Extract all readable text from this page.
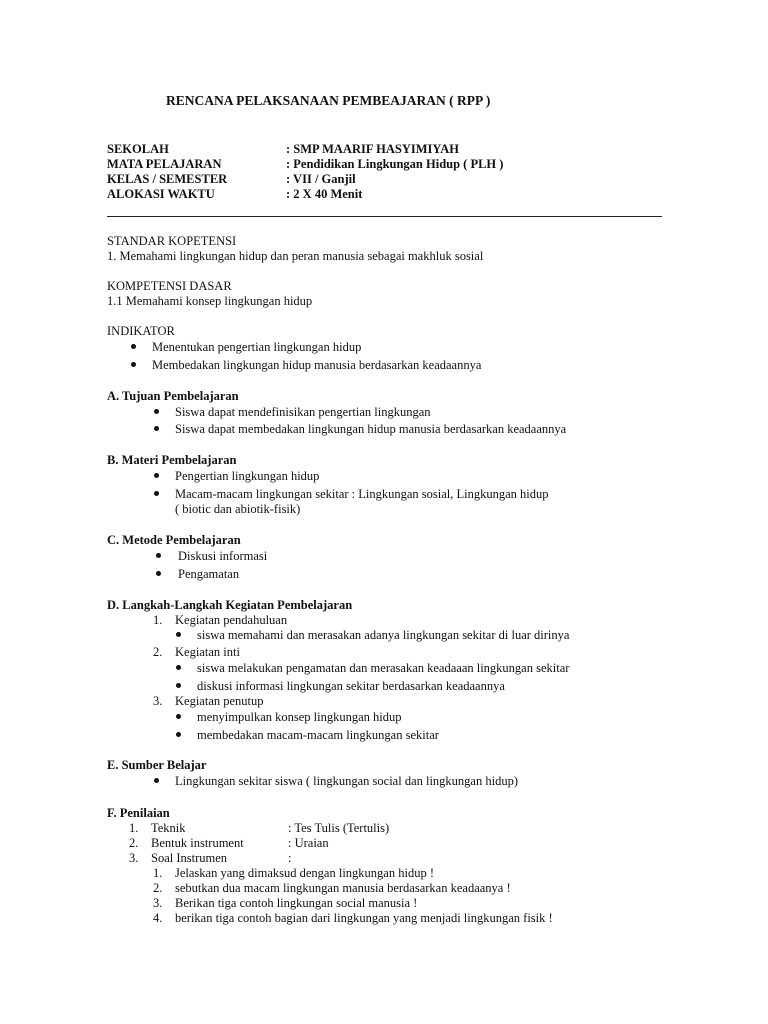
RENCANA PELAKSANAAN PEMBEAJARAN ( RPP )
SEKOLAH	: SMP MAARIF HASYIMIYAH
MATA PELAJARAN	: Pendidikan Lingkungan Hidup ( PLH )
KELAS / SEMESTER	: VII / Ganjil
ALOKASI WAKTU	: 2 X 40 Menit
STANDAR KOPETENSI
1. Memahami lingkungan hidup dan peran manusia sebagai makhluk sosial
KOMPETENSI DASAR
1.1 Memahami konsep lingkungan hidup
INDIKATOR
Menentukan pengertian lingkungan hidup
Membedakan lingkungan hidup manusia berdasarkan keadaannya
A. Tujuan Pembelajaran
Siswa dapat mendefinisikan pengertian lingkungan
Siswa dapat membedakan lingkungan hidup manusia berdasarkan keadaannya
B. Materi Pembelajaran
Pengertian lingkungan hidup
Macam-macam lingkungan sekitar : Lingkungan sosial, Lingkungan hidup
( biotic dan abiotik-fisik)
C. Metode Pembelajaran
Diskusi informasi
Pengamatan
D. Langkah-Langkah Kegiatan Pembelajaran
1. Kegiatan pendahuluan
siswa memahami dan merasakan adanya lingkungan sekitar di luar dirinya
2. Kegiatan inti
siswa melakukan pengamatan dan merasakan keadaaan lingkungan sekitar
diskusi informasi lingkungan sekitar berdasarkan keadaannya
3. Kegiatan penutup
menyimpulkan konsep lingkungan hidup
membedakan macam-macam lingkungan sekitar
E. Sumber Belajar
Lingkungan sekitar siswa ( lingkungan social dan lingkungan hidup)
F. Penilaian
1. Teknik	: Tes Tulis (Tertulis)
2. Bentuk instrument	: Uraian
3. Soal Instrumen	:
1. Jelaskan yang dimaksud dengan lingkungan hidup !
2. sebutkan dua macam lingkungan manusia berdasarkan keadaanya !
3. Berikan tiga contoh lingkungan social manusia !
4. berikan tiga contoh bagian dari lingkungan yang menjadi lingkungan fisik !
